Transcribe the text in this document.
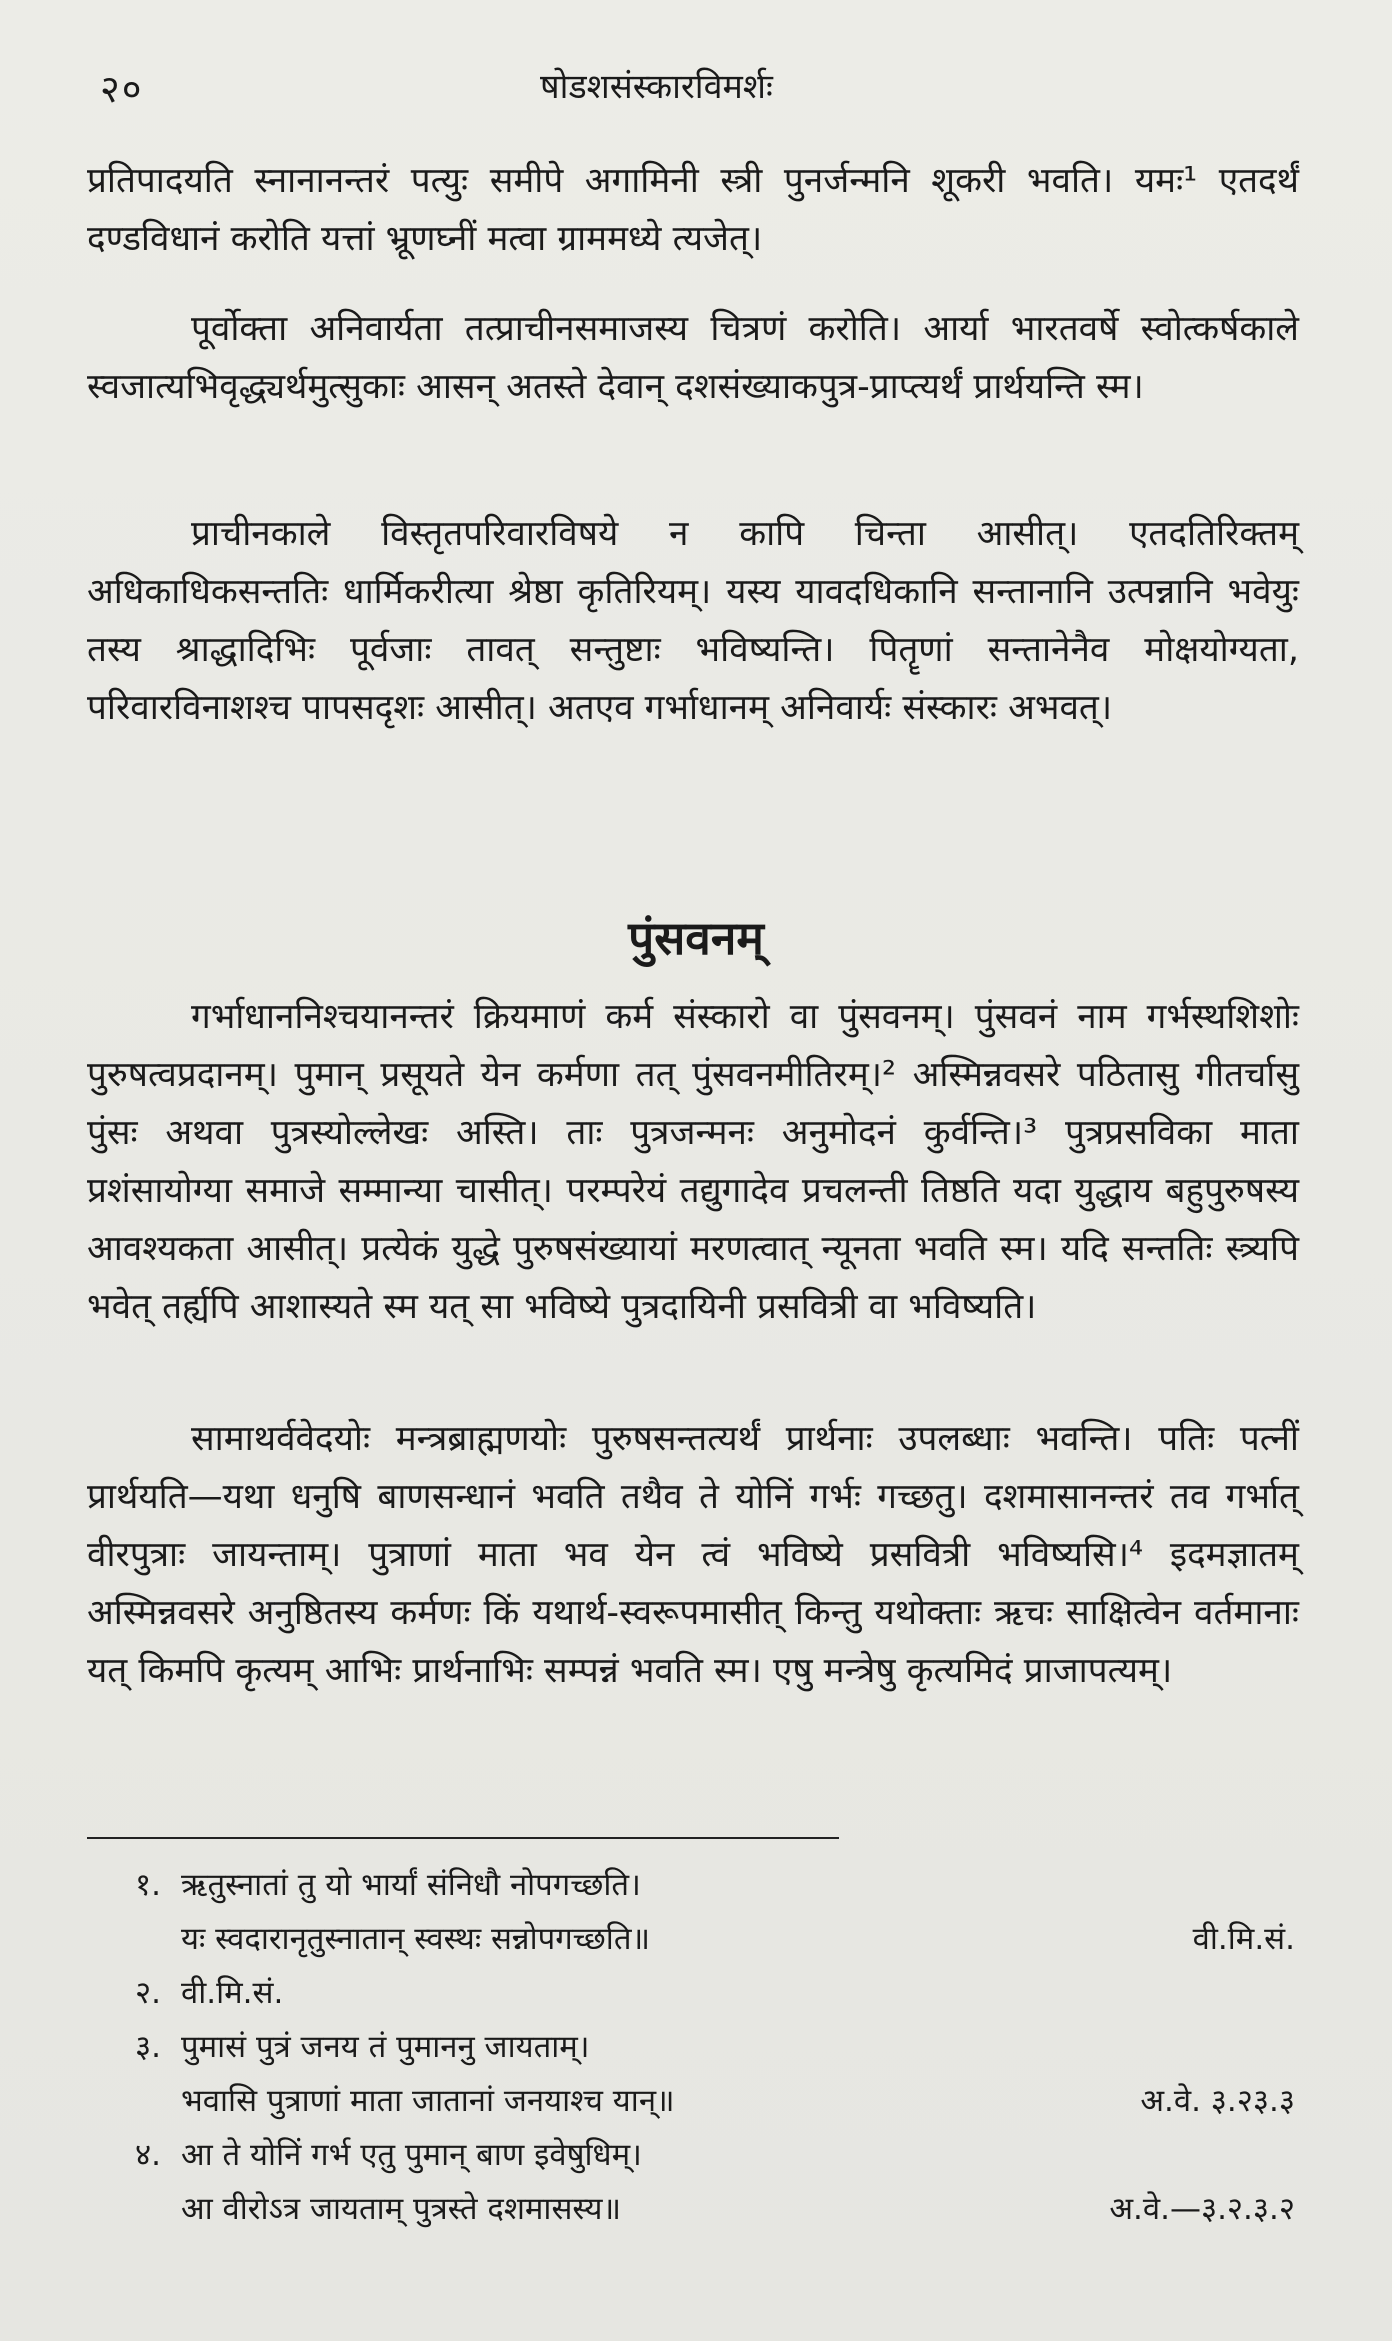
२०	षोडशसंस्कारविमर्शः

प्रतिपादयति स्नानानन्तरं पत्युः समीपे अगामिनी स्त्री पुनर्जन्मनि शूकरी भवति। यमः¹ एतदर्थं दण्डविधानं करोति यत्तां भ्रूणघ्नीं मत्वा ग्राममध्ये त्यजेत्।

पूर्वोक्ता अनिवार्यता तत्प्राचीनसमाजस्य चित्रणं करोति। आर्या भारतवर्षे स्वोत्कर्षकाले स्वजात्यभिवृद्ध्यर्थमुत्सुकाः आसन् अतस्ते देवान् दशसंख्याकपुत्र-प्राप्त्यर्थं प्रार्थयन्ति स्म।

प्राचीनकाले विस्तृतपरिवारविषये न कापि चिन्ता आसीत्। एतदतिरिक्तम् अधिकाधिकसन्ततिः धार्मिकरीत्या श्रेष्ठा कृतिरियम्। यस्य यावदधिकानि सन्तानानि उत्पन्नानि भवेयुः तस्य श्राद्धादिभिः पूर्वजाः तावत् सन्तुष्टाः भविष्यन्ति। पितॄणां सन्तानेनैव मोक्षयोग्यता, परिवारविनाशश्च पापसदृशः आसीत्। अतएव गर्भाधानम् अनिवार्यः संस्कारः अभवत्।

पुंसवनम्

गर्भाधाननिश्चयानन्तरं क्रियमाणं कर्म संस्कारो वा पुंसवनम्। पुंसवनं नाम गर्भस्थशिशोः पुरुषत्वप्रदानम्। पुमान् प्रसूयते येन कर्मणा तत् पुंसवनमीतिरम्।² अस्मिन्नवसरे पठितासु गीतर्चासु पुंसः अथवा पुत्रस्योल्लेखः अस्ति। ताः पुत्रजन्मनः अनुमोदनं कुर्वन्ति।³ पुत्रप्रसविका माता प्रशंसायोग्या समाजे सम्मान्या चासीत्। परम्परेयं तद्युगादेव प्रचलन्ती तिष्ठति यदा युद्धाय बहुपुरुषस्य आवश्यकता आसीत्। प्रत्येकं युद्धे पुरुषसंख्यायां मरणत्वात् न्यूनता भवति स्म। यदि सन्ततिः स्त्र्यपि भवेत् तर्ह्यपि आशास्यते स्म यत् सा भविष्ये पुत्रदायिनी प्रसवित्री वा भविष्यति।

सामाथर्ववेदयोः मन्त्रब्राह्मणयोः पुरुषसन्तत्यर्थं प्रार्थनाः उपलब्धाः भवन्ति। पतिः पत्नीं प्रार्थयति—यथा धनुषि बाणसन्धानं भवति तथैव ते योनिं गर्भः गच्छतु। दशमासानन्तरं तव गर्भात् वीरपुत्राः जायन्ताम्। पुत्राणां माता भव येन त्वं भविष्ये प्रसवित्री भविष्यसि।⁴ इदमज्ञातम् अस्मिन्नवसरे अनुष्ठितस्य कर्मणः किं यथार्थ-स्वरूपमासीत् किन्तु यथोक्ताः ऋचः साक्षित्वेन वर्तमानाः यत् किमपि कृत्यम् आभिः प्रार्थनाभिः सम्पन्नं भवति स्म। एषु मन्त्रेषु कृत्यमिदं प्राजापत्यम्।

१. ऋतुस्नातां तु यो भार्यां संनिधौ नोपगच्छति।
यः स्वदारानृतुस्नातान् स्वस्थः सन्नोपगच्छति॥	वी.मि.सं.
२. वी.मि.सं.
३. पुमासं पुत्रं जनय तं पुमाननु जायताम्।
भवासि पुत्राणां माता जातानां जनयाश्च यान्॥	अ.वे. ३.२३.३
४. आ ते योनिं गर्भ एतु पुमान् बाण इवेषुधिम्।
आ वीरोऽत्र जायताम् पुत्रस्ते दशमासस्य॥	अ.वे.—३.२.३.२
